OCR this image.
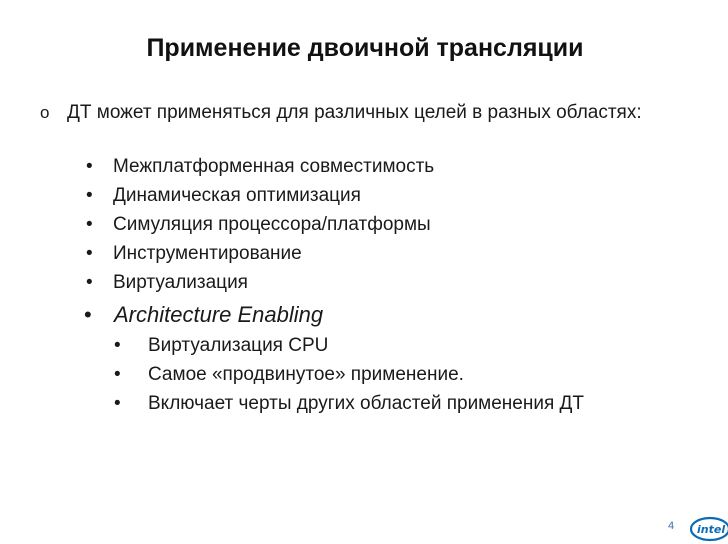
Применение двоичной трансляции
o ДТ может применяться для различных целей в разных областях:
• Межплатформенная совместимость
• Динамическая оптимизация
• Симуляция процессора/платформы
• Инструментирование
• Виртуализация
• Architecture Enabling
• Виртуализация CPU
• Самое «продвинутое» применение.
• Включает черты других областей применения ДТ
4 intel
